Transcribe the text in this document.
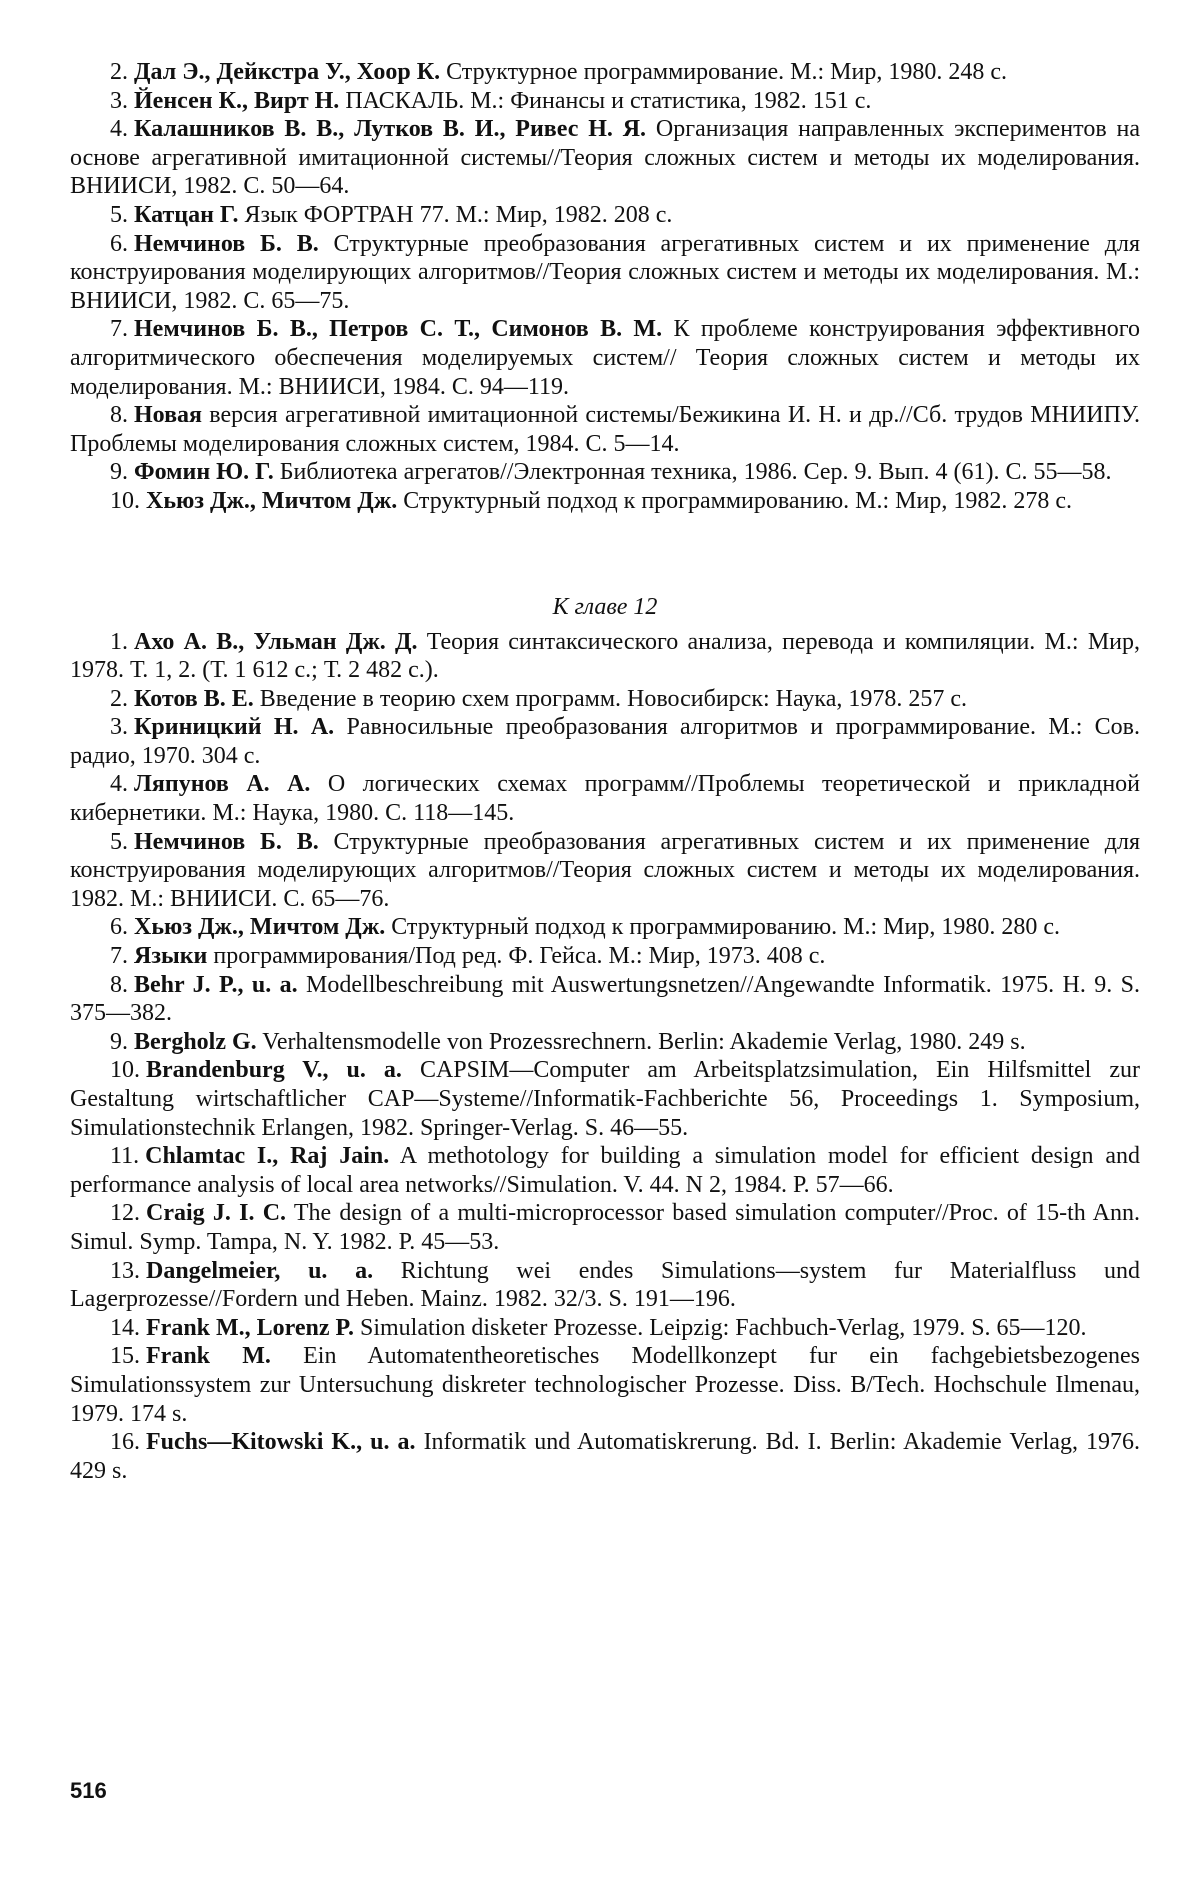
2. Дал Э., Дейкстра У., Хоор К. Структурное программирование. М.: Мир, 1980. 248 с.

3. Йенсен К., Вирт Н. ПАСКАЛЬ. М.: Финансы и статистика, 1982. 151 с.

4. Калашников В. В., Лутков В. И., Ривес Н. Я. Организация направленных экспериментов на основе агрегативной имитационной системы//Теория сложных систем и методы их моделирования. ВНИИСИ, 1982. С. 50—64.

5. Катцан Г. Язык ФОРТРАН 77. М.: Мир, 1982. 208 с.

6. Немчинов Б. В. Структурные преобразования агрегативных систем и их применение для конструирования моделирующих алгоритмов//Теория сложных систем и методы их моделирования. М.: ВНИИСИ, 1982. С. 65—75.

7. Немчинов Б. В., Петров С. Т., Симонов В. М. К проблеме конструирования эффективного алгоритмического обеспечения моделируемых систем// Теория сложных систем и методы их моделирования. М.: ВНИИСИ, 1984. С. 94—119.

8. Новая версия агрегативной имитационной системы/Бежикина И. Н. и др.//Сб. трудов МНИИПУ. Проблемы моделирования сложных систем, 1984. С. 5—14.

9. Фомин Ю. Г. Библиотека агрегатов//Электронная техника, 1986. Сер. 9. Вып. 4 (61). С. 55—58.

10. Хьюз Дж., Мичтом Дж. Структурный подход к программированию. М.: Мир, 1982. 278 с.

К главе 12

1. Ахо А. В., Ульман Дж. Д. Теория синтаксического анализа, перевода и компиляции. М.: Мир, 1978. Т. 1, 2. (Т. 1 612 с.; Т. 2 482 с.).

2. Котов В. Е. Введение в теорию схем программ. Новосибирск: Наука, 1978. 257 с.

3. Криницкий Н. А. Равносильные преобразования алгоритмов и программирование. М.: Сов. радио, 1970. 304 с.

4. Ляпунов А. А. О логических схемах программ//Проблемы теоретической и прикладной кибернетики. М.: Наука, 1980. С. 118—145.

5. Немчинов Б. В. Структурные преобразования агрегативных систем и их применение для конструирования моделирующих алгоритмов//Теория сложных систем и методы их моделирования. 1982. М.: ВНИИСИ. С. 65—76.

6. Хьюз Дж., Мичтом Дж. Структурный подход к программированию. М.: Мир, 1980. 280 с.

7. Языки программирования/Под ред. Ф. Гейса. М.: Мир, 1973. 408 с.

8. Behr J. P., u. a. Modellbeschreibung mit Auswertungsnetzen//Angewandte Informatik. 1975. H. 9. S. 375—382.

9. Bergholz G. Verhaltensmodelle von Prozessrechnern. Berlin: Akademie Verlag, 1980. 249 s.

10. Brandenburg V., u. a. CAPSIM—Computer am Arbeitsplatzsimulation, Ein Hilfsmittel zur Gestaltung wirtschaftlicher CAP—Systeme//Informatik-Fachberichte 56, Proceedings 1. Symposium, Simulationstechnik Erlangen, 1982. Springer-Verlag. S. 46—55.

11. Chlamtac I., Raj Jain. A methotology for building a simulation model for efficient design and performance analysis of local area networks//Simulation. V. 44. N 2, 1984. P. 57—66.

12. Craig J. I. C. The design of a multi-microprocessor based simulation computer//Proc. of 15-th Ann. Simul. Symp. Tampa, N. Y. 1982. P. 45—53.

13. Dangelmeier, u. a. Richtung wei endes Simulations—system fur Materialfluss und Lagerprozesse//Fordern und Heben. Mainz. 1982. 32/3. S. 191—196.

14. Frank M., Lorenz P. Simulation disketer Prozesse. Leipzig: Fachbuch-Verlag, 1979. S. 65—120.

15. Frank M. Ein Automatentheoretisches Modellkonzept fur ein fachgebietsbezogenes Simulationssystem zur Untersuchung diskreter technologischer Prozesse. Diss. B/Tech. Hochschule Ilmenau, 1979. 174 s.

16. Fuchs—Kitowski K., u. a. Informatik und Automatiskrerung. Bd. I. Berlin: Akademie Verlag, 1976. 429 s.

516
